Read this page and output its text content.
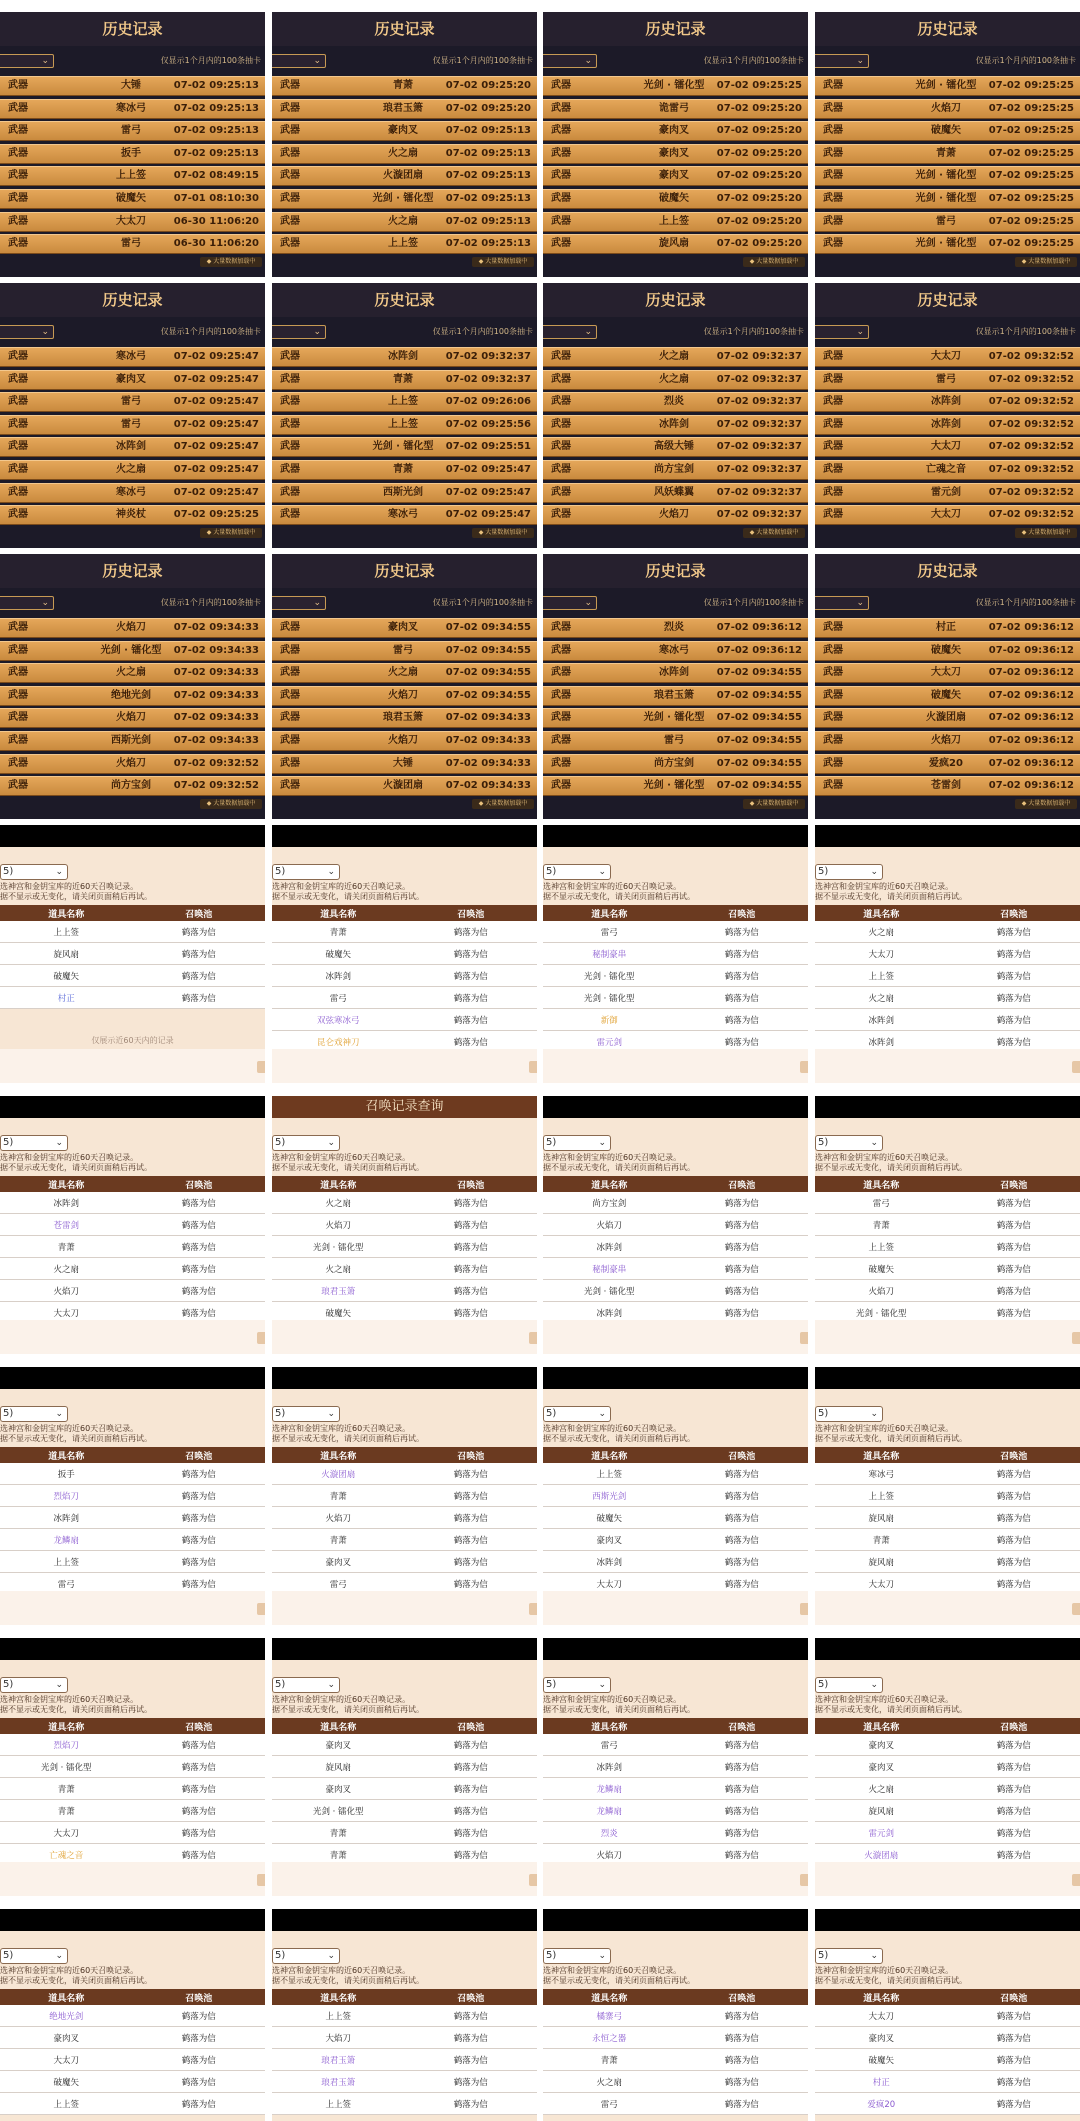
历史记录
⌄	仅显示1个月内的100条抽卡
武器	大锤	07-02 09:25:13
武器	寒冰弓	07-02 09:25:13
武器	雷弓	07-02 09:25:13
武器	扳手	07-02 09:25:13
武器	上上签	07-02 08:49:15
武器	破魔矢	07-01 08:10:30
武器	大太刀	06-30 11:06:20
武器	雷弓	06-30 11:06:20
◆ 大量数据加载中
历史记录
⌄	仅显示1个月内的100条抽卡
武器	青萧	07-02 09:25:20
武器	琅君玉箫	07-02 09:25:20
武器	豪肉叉	07-02 09:25:13
武器	火之扇	07-02 09:25:13
武器	火漩团扇	07-02 09:25:13
武器	光剑 · 镭化型	07-02 09:25:13
武器	火之扇	07-02 09:25:13
武器	上上签	07-02 09:25:13
◆ 大量数据加载中
历史记录
⌄	仅显示1个月内的100条抽卡
武器	光剑 · 镭化型	07-02 09:25:25
武器	诡雷弓	07-02 09:25:20
武器	豪肉叉	07-02 09:25:20
武器	豪肉叉	07-02 09:25:20
武器	豪肉叉	07-02 09:25:20
武器	破魔矢	07-02 09:25:20
武器	上上签	07-02 09:25:20
武器	旋风扇	07-02 09:25:20
◆ 大量数据加载中
历史记录
⌄	仅显示1个月内的100条抽卡
武器	光剑 · 镭化型	07-02 09:25:25
武器	火焰刀	07-02 09:25:25
武器	破魔矢	07-02 09:25:25
武器	青萧	07-02 09:25:25
武器	光剑 · 镭化型	07-02 09:25:25
武器	光剑 · 镭化型	07-02 09:25:25
武器	雷弓	07-02 09:25:25
武器	光剑 · 镭化型	07-02 09:25:25
◆ 大量数据加载中
历史记录
⌄	仅显示1个月内的100条抽卡
武器	寒冰弓	07-02 09:25:47
武器	豪肉叉	07-02 09:25:47
武器	雷弓	07-02 09:25:47
武器	雷弓	07-02 09:25:47
武器	冰阵剑	07-02 09:25:47
武器	火之扇	07-02 09:25:47
武器	寒冰弓	07-02 09:25:47
武器	神炎杖	07-02 09:25:25
◆ 大量数据加载中
历史记录
⌄	仅显示1个月内的100条抽卡
武器	冰阵剑	07-02 09:32:37
武器	青萧	07-02 09:32:37
武器	上上签	07-02 09:26:06
武器	上上签	07-02 09:25:56
武器	光剑 · 镭化型	07-02 09:25:51
武器	青萧	07-02 09:25:47
武器	西斯光剑	07-02 09:25:47
武器	寒冰弓	07-02 09:25:47
◆ 大量数据加载中
历史记录
⌄	仅显示1个月内的100条抽卡
武器	火之扇	07-02 09:32:37
武器	火之扇	07-02 09:32:37
武器	烈炎	07-02 09:32:37
武器	冰阵剑	07-02 09:32:37
武器	高级大锤	07-02 09:32:37
武器	尚方宝剑	07-02 09:32:37
武器	风妖蝶翼	07-02 09:32:37
武器	火焰刀	07-02 09:32:37
◆ 大量数据加载中
历史记录
⌄	仅显示1个月内的100条抽卡
武器	大太刀	07-02 09:32:52
武器	雷弓	07-02 09:32:52
武器	冰阵剑	07-02 09:32:52
武器	冰阵剑	07-02 09:32:52
武器	大太刀	07-02 09:32:52
武器	亡魂之音	07-02 09:32:52
武器	雷元剑	07-02 09:32:52
武器	大太刀	07-02 09:32:52
◆ 大量数据加载中
历史记录
⌄	仅显示1个月内的100条抽卡
武器	火焰刀	07-02 09:34:33
武器	光剑 · 镭化型	07-02 09:34:33
武器	火之扇	07-02 09:34:33
武器	绝地光剑	07-02 09:34:33
武器	火焰刀	07-02 09:34:33
武器	西斯光剑	07-02 09:34:33
武器	火焰刀	07-02 09:32:52
武器	尚方宝剑	07-02 09:32:52
◆ 大量数据加载中
历史记录
⌄	仅显示1个月内的100条抽卡
武器	豪肉叉	07-02 09:34:55
武器	雷弓	07-02 09:34:55
武器	火之扇	07-02 09:34:55
武器	火焰刀	07-02 09:34:55
武器	琅君玉箫	07-02 09:34:33
武器	火焰刀	07-02 09:34:33
武器	大锤	07-02 09:34:33
武器	火漩团扇	07-02 09:34:33
◆ 大量数据加载中
历史记录
⌄	仅显示1个月内的100条抽卡
武器	烈炎	07-02 09:36:12
武器	寒冰弓	07-02 09:36:12
武器	冰阵剑	07-02 09:34:55
武器	琅君玉箫	07-02 09:34:55
武器	光剑 · 镭化型	07-02 09:34:55
武器	雷弓	07-02 09:34:55
武器	尚方宝剑	07-02 09:34:55
武器	光剑 · 镭化型	07-02 09:34:55
◆ 大量数据加载中
历史记录
⌄	仅显示1个月内的100条抽卡
武器	村正	07-02 09:36:12
武器	破魔矢	07-02 09:36:12
武器	大太刀	07-02 09:36:12
武器	破魔矢	07-02 09:36:12
武器	火漩团扇	07-02 09:36:12
武器	火焰刀	07-02 09:36:12
武器	爱疯20	07-02 09:36:12
武器	苍雷剑	07-02 09:36:12
◆ 大量数据加载中
5)	⌄
选神宫和金钥宝库的近60天召唤记录。
据不显示或无变化，请关闭页面稍后再试。
道具名称	召唤池
上上签	鹤落为信
旋风扇	鹤落为信
破魔矢	鹤落为信
村正	鹤落为信
仅展示近60天内的记录
5)	⌄
选神宫和金钥宝库的近60天召唤记录。
据不显示或无变化，请关闭页面稍后再试。
道具名称	召唤池
青萧	鹤落为信
破魔矢	鹤落为信
冰阵剑	鹤落为信
雷弓	鹤落为信
双弦寒冰弓	鹤落为信
昆仑戏神刀	鹤落为信
5)	⌄
选神宫和金钥宝库的近60天召唤记录。
据不显示或无变化，请关闭页面稍后再试。
道具名称	召唤池
雷弓	鹤落为信
秘制豪串	鹤落为信
光剑 · 镭化型	鹤落为信
光剑 · 镭化型	鹤落为信
新御	鹤落为信
雷元剑	鹤落为信
5)	⌄
选神宫和金钥宝库的近60天召唤记录。
据不显示或无变化，请关闭页面稍后再试。
道具名称	召唤池
火之扇	鹤落为信
大太刀	鹤落为信
上上签	鹤落为信
火之扇	鹤落为信
冰阵剑	鹤落为信
冰阵剑	鹤落为信
5)	⌄
选神宫和金钥宝库的近60天召唤记录。
据不显示或无变化，请关闭页面稍后再试。
道具名称	召唤池
冰阵剑	鹤落为信
苍雷剑	鹤落为信
青萧	鹤落为信
火之扇	鹤落为信
火焰刀	鹤落为信
大太刀	鹤落为信
召唤记录查询
5)	⌄
选神宫和金钥宝库的近60天召唤记录。
据不显示或无变化，请关闭页面稍后再试。
道具名称	召唤池
火之扇	鹤落为信
火焰刀	鹤落为信
光剑 · 镭化型	鹤落为信
火之扇	鹤落为信
琅君玉箫	鹤落为信
破魔矢	鹤落为信
5)	⌄
选神宫和金钥宝库的近60天召唤记录。
据不显示或无变化，请关闭页面稍后再试。
道具名称	召唤池
尚方宝剑	鹤落为信
火焰刀	鹤落为信
冰阵剑	鹤落为信
秘制豪串	鹤落为信
光剑 · 镭化型	鹤落为信
冰阵剑	鹤落为信
5)	⌄
选神宫和金钥宝库的近60天召唤记录。
据不显示或无变化，请关闭页面稍后再试。
道具名称	召唤池
雷弓	鹤落为信
青萧	鹤落为信
上上签	鹤落为信
破魔矢	鹤落为信
火焰刀	鹤落为信
光剑 · 镭化型	鹤落为信
5)	⌄
选神宫和金钥宝库的近60天召唤记录。
据不显示或无变化，请关闭页面稍后再试。
道具名称	召唤池
扳手	鹤落为信
烈焰刀	鹤落为信
冰阵剑	鹤落为信
龙鳞扇	鹤落为信
上上签	鹤落为信
雷弓	鹤落为信
5)	⌄
选神宫和金钥宝库的近60天召唤记录。
据不显示或无变化，请关闭页面稍后再试。
道具名称	召唤池
火漩团扇	鹤落为信
青萧	鹤落为信
火焰刀	鹤落为信
青萧	鹤落为信
豪肉叉	鹤落为信
雷弓	鹤落为信
5)	⌄
选神宫和金钥宝库的近60天召唤记录。
据不显示或无变化，请关闭页面稍后再试。
道具名称	召唤池
上上签	鹤落为信
西斯光剑	鹤落为信
破魔矢	鹤落为信
豪肉叉	鹤落为信
冰阵剑	鹤落为信
大太刀	鹤落为信
5)	⌄
选神宫和金钥宝库的近60天召唤记录。
据不显示或无变化，请关闭页面稍后再试。
道具名称	召唤池
寒冰弓	鹤落为信
上上签	鹤落为信
旋风扇	鹤落为信
青萧	鹤落为信
旋风扇	鹤落为信
大太刀	鹤落为信
5)	⌄
选神宫和金钥宝库的近60天召唤记录。
据不显示或无变化，请关闭页面稍后再试。
道具名称	召唤池
烈焰刀	鹤落为信
光剑 · 镭化型	鹤落为信
青萧	鹤落为信
青萧	鹤落为信
大太刀	鹤落为信
亡魂之音	鹤落为信
5)	⌄
选神宫和金钥宝库的近60天召唤记录。
据不显示或无变化，请关闭页面稍后再试。
道具名称	召唤池
豪肉叉	鹤落为信
旋风扇	鹤落为信
豪肉叉	鹤落为信
光剑 · 镭化型	鹤落为信
青萧	鹤落为信
青萧	鹤落为信
5)	⌄
选神宫和金钥宝库的近60天召唤记录。
据不显示或无变化，请关闭页面稍后再试。
道具名称	召唤池
雷弓	鹤落为信
冰阵剑	鹤落为信
龙鳞扇	鹤落为信
龙鳞扇	鹤落为信
烈炎	鹤落为信
火焰刀	鹤落为信
5)	⌄
选神宫和金钥宝库的近60天召唤记录。
据不显示或无变化，请关闭页面稍后再试。
道具名称	召唤池
豪肉叉	鹤落为信
豪肉叉	鹤落为信
火之扇	鹤落为信
旋风扇	鹤落为信
雷元剑	鹤落为信
火漩团扇	鹤落为信
5)	⌄
选神宫和金钥宝库的近60天召唤记录。
据不显示或无变化，请关闭页面稍后再试。
道具名称	召唤池
绝地光剑	鹤落为信
豪肉叉	鹤落为信
大太刀	鹤落为信
破魔矢	鹤落为信
上上签	鹤落为信
5)	⌄
选神宫和金钥宝库的近60天召唤记录。
据不显示或无变化，请关闭页面稍后再试。
道具名称	召唤池
上上签	鹤落为信
大焰刀	鹤落为信
琅君玉箫	鹤落为信
琅君玉箫	鹤落为信
上上签	鹤落为信
5)	⌄
选神宫和金钥宝库的近60天召唤记录。
据不显示或无变化，请关闭页面稍后再试。
道具名称	召唤池
橘寨弓	鹤落为信
永恒之器	鹤落为信
青萧	鹤落为信
火之扇	鹤落为信
雷弓	鹤落为信
5)	⌄
选神宫和金钥宝库的近60天召唤记录。
据不显示或无变化，请关闭页面稍后再试。
道具名称	召唤池
大太刀	鹤落为信
豪肉叉	鹤落为信
破魔矢	鹤落为信
村正	鹤落为信
爱疯20	鹤落为信
